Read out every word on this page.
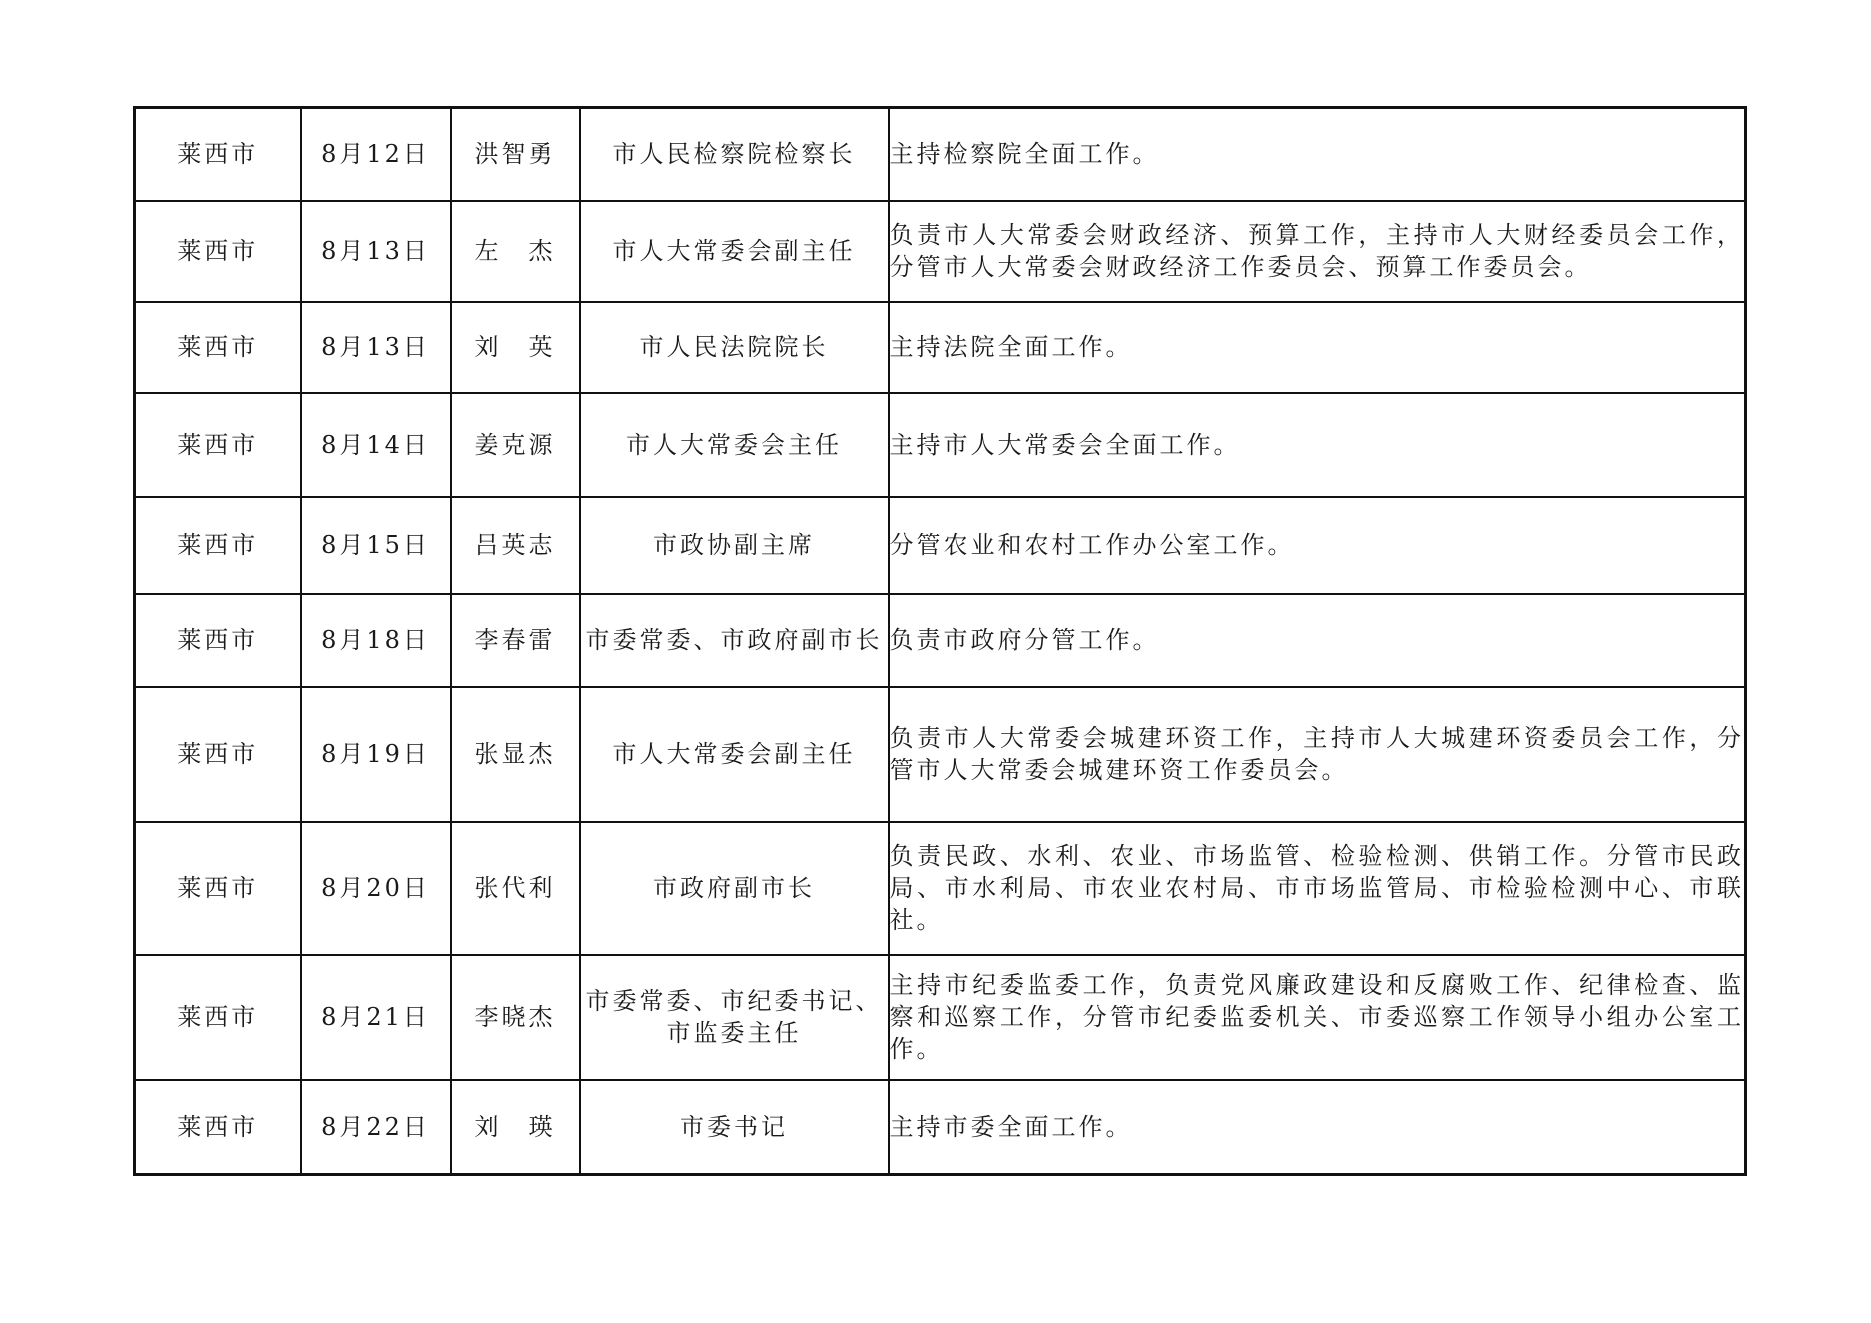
莱西市	8月12日	洪智勇	市人民检察院检察长	主持检察院全面工作。
莱西市	8月13日	左　杰	市人大常委会副主任	负责市人大常委会财政经济、预算工作，主持市人大财经委员会工作，分管市人大常委会财政经济工作委员会、预算工作委员会。
莱西市	8月13日	刘　英	市人民法院院长	主持法院全面工作。
莱西市	8月14日	姜克源	市人大常委会主任	主持市人大常委会全面工作。
莱西市	8月15日	吕英志	市政协副主席	分管农业和农村工作办公室工作。
莱西市	8月18日	李春雷	市委常委、市政府副市长	负责市政府分管工作。
莱西市	8月19日	张显杰	市人大常委会副主任	负责市人大常委会城建环资工作，主持市人大城建环资委员会工作，分管市人大常委会城建环资工作委员会。
莱西市	8月20日	张代利	市政府副市长	负责民政、水利、农业、市场监管、检验检测、供销工作。分管市民政局、市水利局、市农业农村局、市市场监管局、市检验检测中心、市联社。
莱西市	8月21日	李晓杰	市委常委、市纪委书记、市监委主任	主持市纪委监委工作，负责党风廉政建设和反腐败工作、纪律检查、监察和巡察工作，分管市纪委监委机关、市委巡察工作领导小组办公室工作。
莱西市	8月22日	刘　瑛	市委书记	主持市委全面工作。
